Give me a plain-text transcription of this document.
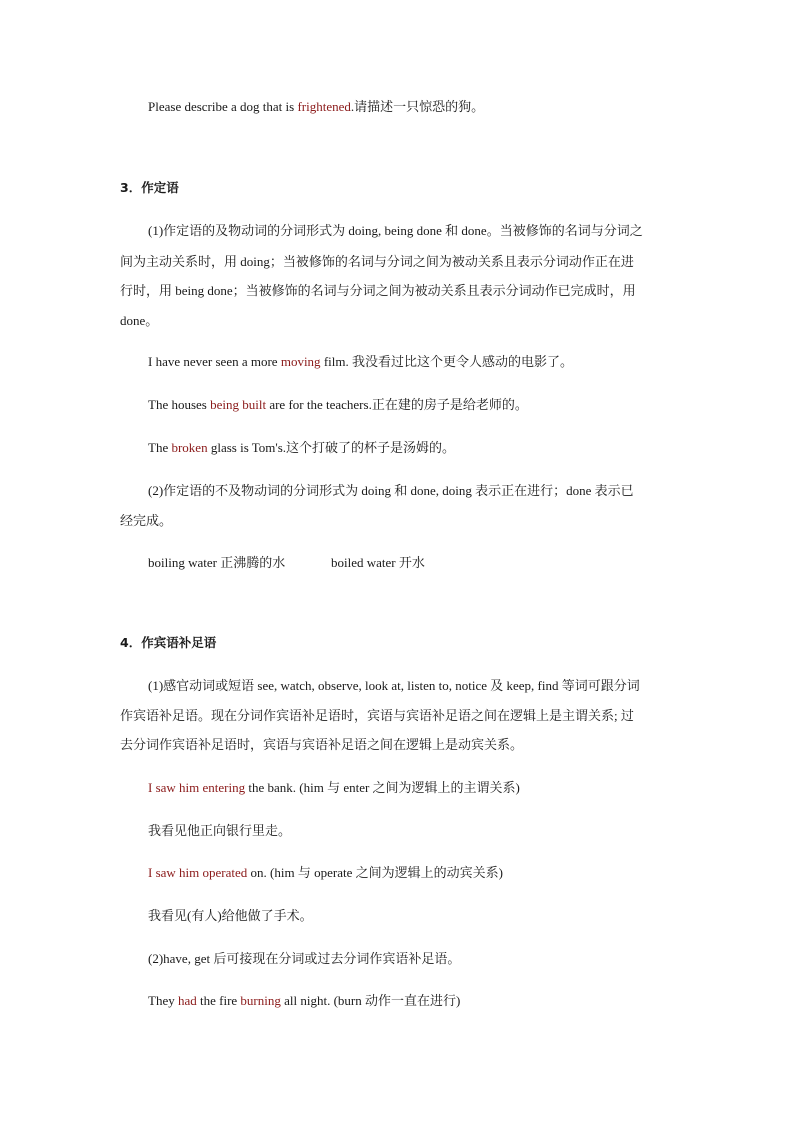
Please describe a dog that is frightened.请描述一只惊恐的狗。
3．作定语
(1)作定语的及物动词的分词形式为 doing, being done 和 done。当被修饰的名词与分词之
间为主动关系时，用 doing；当被修饰的名词与分词之间为被动关系且表示分词动作正在进
行时，用 being done；当被修饰的名词与分词之间为被动关系且表示分词动作已完成时，用
done。
I have never seen a more moving film. 我没看过比这个更令人感动的电影了。
The houses being built are for the teachers.正在建的房子是给老师的。
The broken glass is Tom's.这个打破了的杯子是汤姆的。
(2)作定语的不及物动词的分词形式为 doing 和 done, doing 表示正在进行；done 表示已
经完成。
boiling water 正沸腾的水	boiled water 开水
4．作宾语补足语
(1)感官动词或短语 see, watch, observe, look at, listen to, notice 及 keep, find 等词可跟分词
作宾语补足语。现在分词作宾语补足语时，宾语与宾语补足语之间在逻辑上是主谓关系; 过
去分词作宾语补足语时，宾语与宾语补足语之间在逻辑上是动宾关系。
I saw him entering the bank. (him 与 enter 之间为逻辑上的主谓关系)
我看见他正向银行里走。
I saw him operated on. (him 与 operate 之间为逻辑上的动宾关系)
我看见(有人)给他做了手术。
(2)have, get 后可接现在分词或过去分词作宾语补足语。
They had the fire burning all night. (burn 动作一直在进行)
